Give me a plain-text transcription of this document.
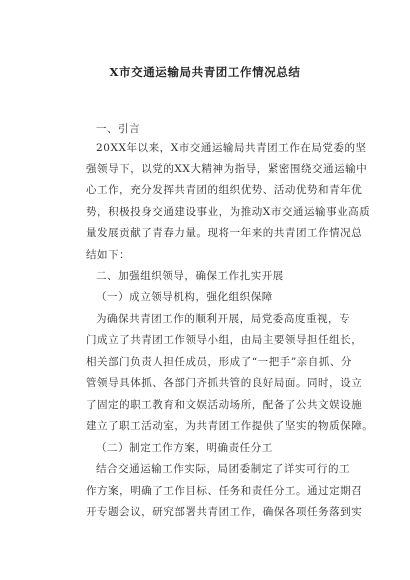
X市交通运输局共青团工作情况总结
一、引言
20XX年以来，X市交通运输局共青团工作在局党委的坚
强领导下，以党的XX大精神为指导，紧密围绕交通运输中
心工作，充分发挥共青团的组织优势、活动优势和青年优
势，积极投身交通建设事业，为推动X市交通运输事业高质
量发展贡献了青春力量。现将一年来的共青团工作情况总
结如下：
二、加强组织领导，确保工作扎实开展
（一）成立领导机构，强化组织保障
为确保共青团工作的顺利开展，局党委高度重视，专
门成立了共青团工作领导小组，由局主要领导担任组长，
相关部门负责人担任成员，形成了“一把手”亲自抓、分
管领导具体抓、各部门齐抓共管的良好局面。同时，设立
了固定的职工教育和文娱活动场所，配备了公共文娱设施
建立了职工活动室，为共青团工作提供了坚实的物质保障。
（二）制定工作方案，明确责任分工
结合交通运输工作实际，局团委制定了详实可行的工
作方案，明确了工作目标、任务和责任分工。通过定期召
开专题会议，研究部署共青团工作，确保各项任务落到实
